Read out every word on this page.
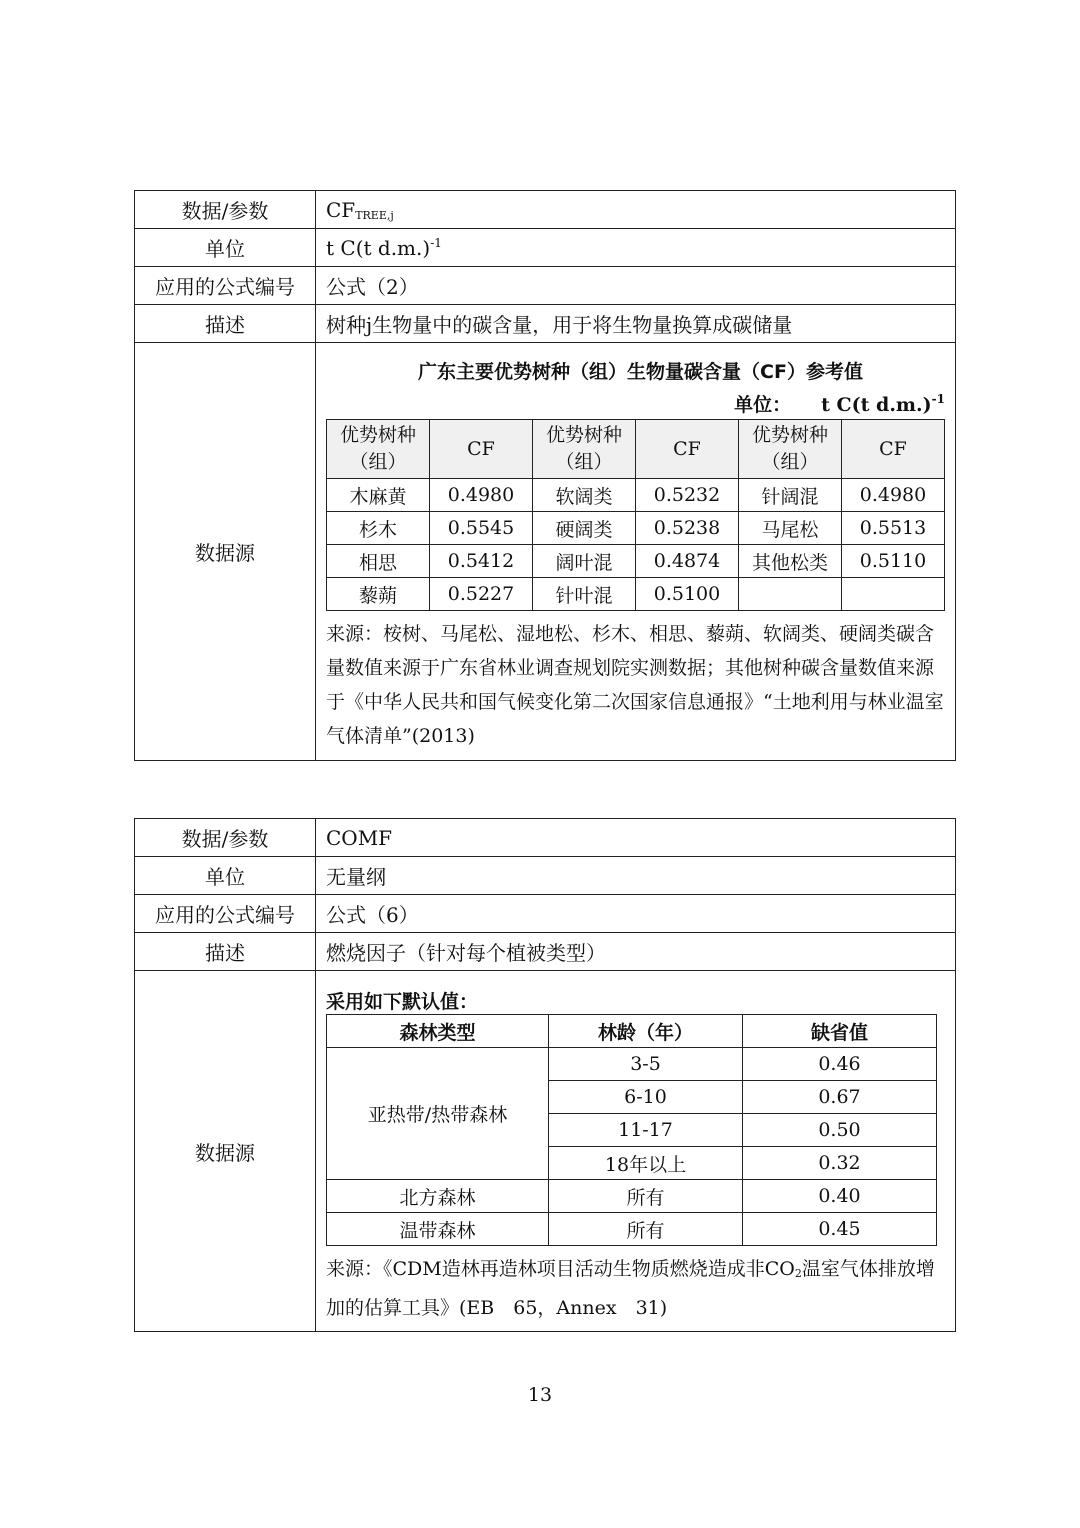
数据/参数	$CF_{TREE,j}$
单位	t C(t d.m.)$^{-1}$
应用的公式编号	公式（2）
描述	树种j生物量中的碳含量，用于将生物量换算成碳储量
数据源	
广东主要优势树种（组）生物量碳含量（CF）参考值
单位： t C(t d.m.)$^{-1}$
优势树种（组）	CF	优势树种（组）	CF	优势树种（组）	CF
木麻黄	0.4980	软阔类	0.5232	针阔混	0.4980
杉木	0.5545	硬阔类	0.5238	马尾松	0.5513
相思	0.5412	阔叶混	0.4874	其他松类	0.5110
藜蒴	0.5227	针叶混	0.5100		
来源：桉树、马尾松、湿地松、杉木、相思、藜蒴、软阔类、硬阔类碳含量数值来源于广东省林业调查规划院实测数据；其他树种碳含量数值来源于《中华人民共和国气候变化第二次国家信息通报》“土地利用与林业温室气体清单”(2013)
数据/参数	COMF
单位	无量纲
应用的公式编号	公式（6）
描述	燃烧因子（针对每个植被类型）
数据源	
采用如下默认值：
森林类型	林龄（年）	缺省值
亚热带/热带森林	3-5	0.46
6-10	0.67
11-17	0.50
18年以上	0.32
北方森林	所有	0.40
温带森林	所有	0.45
来源：《CDM造林再造林项目活动生物质燃烧造成非$CO_2$温室气体排放增加的估算工具》(EB　65，Annex　31)
13
